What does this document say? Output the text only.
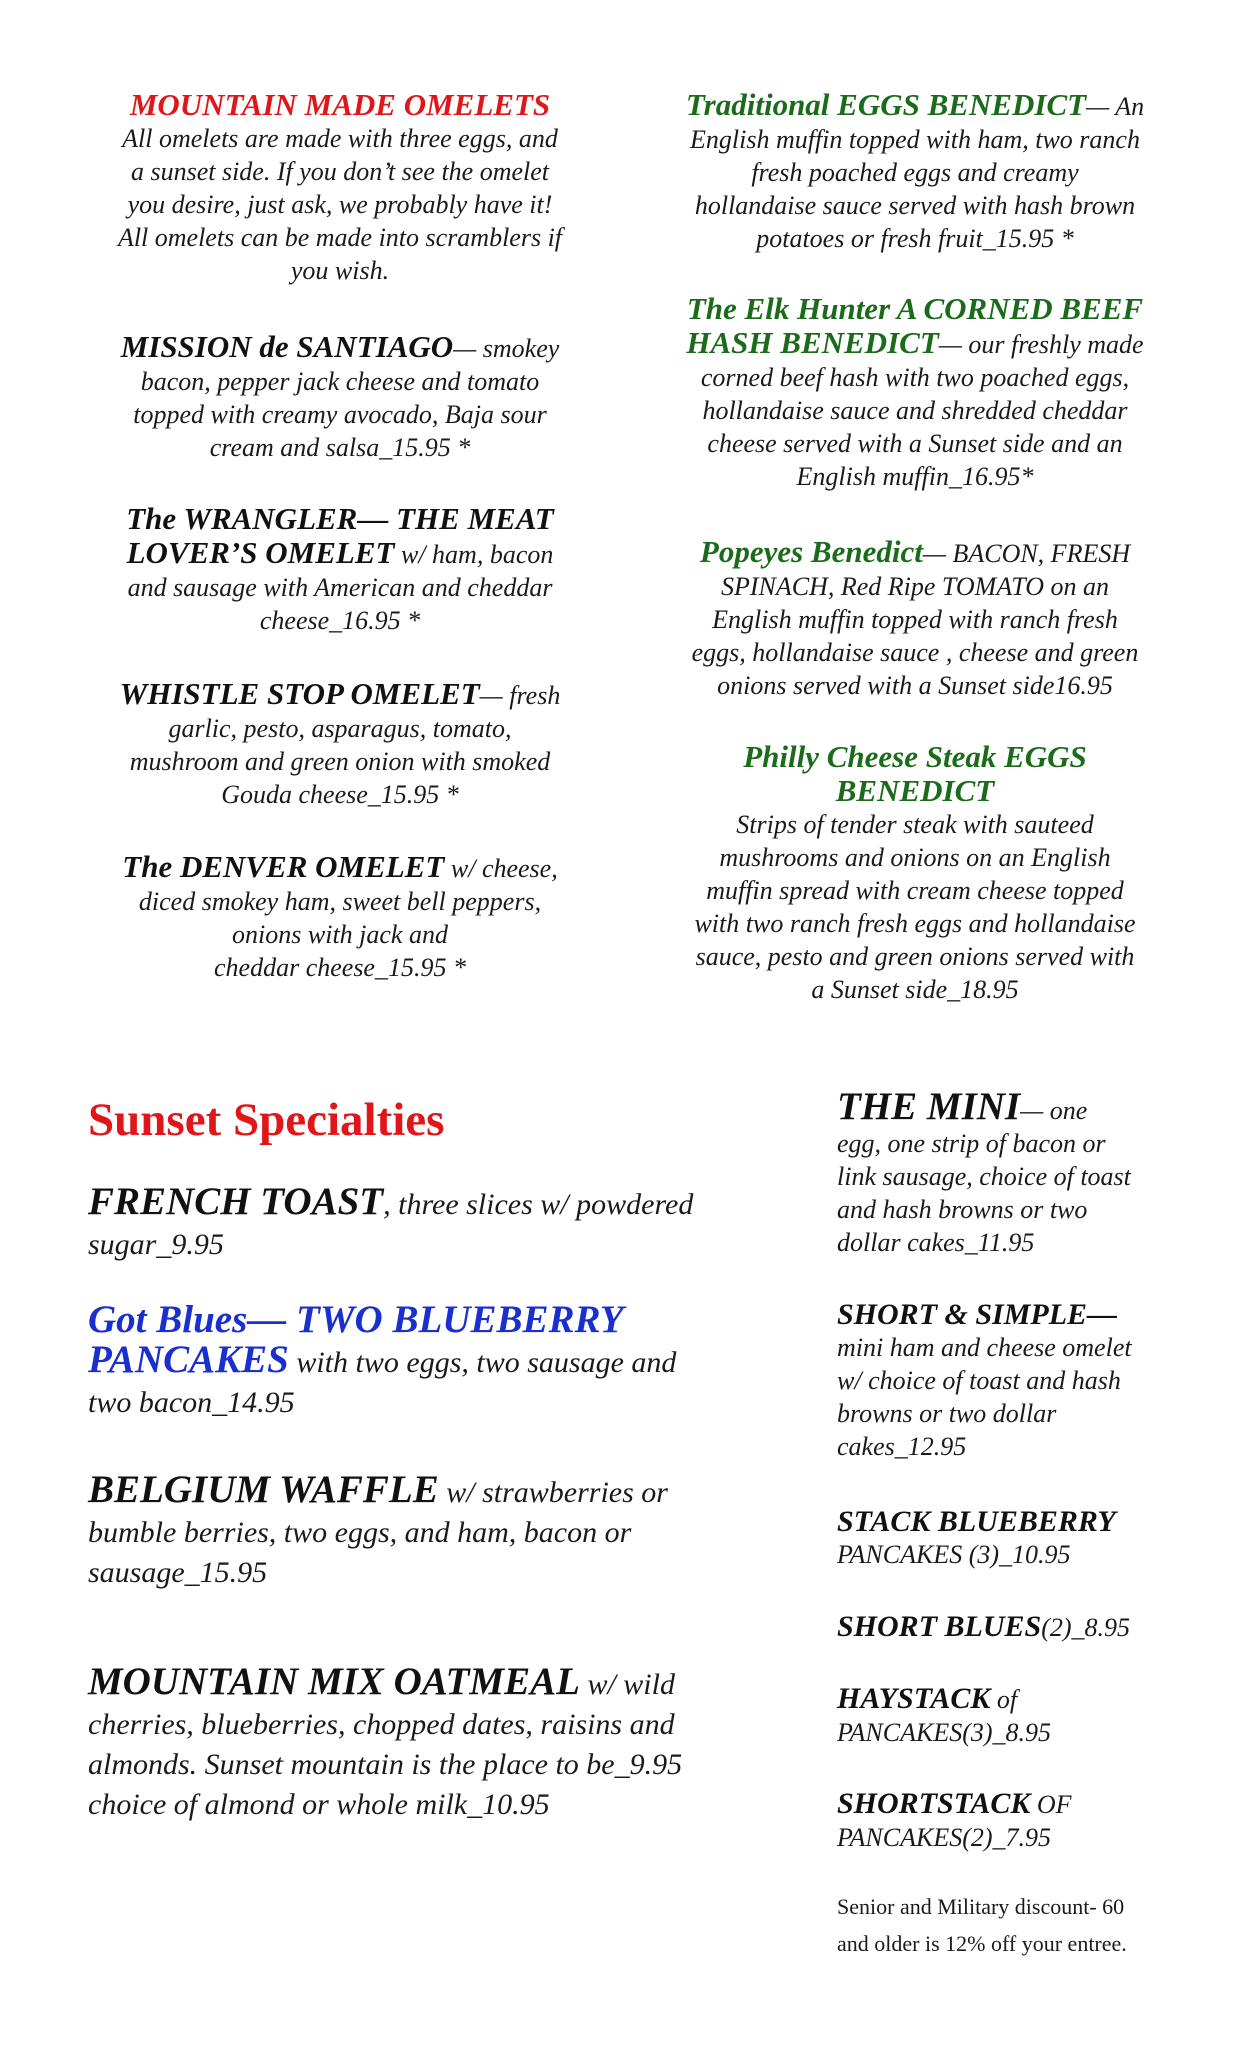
MOUNTAIN MADE OMELETS
All omelets are made with three eggs, and
a sunset side. If you don’t see the omelet
you desire, just ask, we probably have it!
All omelets can be made into scramblers if
you wish.
MISSION de SANTIAGO— smokey
bacon, pepper jack cheese and tomato
topped with creamy avocado, Baja sour
cream and salsa_15.95 *
The WRANGLER— THE MEAT
LOVER’S OMELET w/ ham, bacon
and sausage with American and cheddar
cheese_16.95 *
WHISTLE STOP OMELET— fresh
garlic, pesto, asparagus, tomato,
mushroom and green onion with smoked
Gouda cheese_15.95 *
The DENVER OMELET w/ cheese,
diced smokey ham, sweet bell peppers,
onions with jack and
cheddar cheese_15.95 *
Traditional EGGS BENEDICT— An
English muffin topped with ham, two ranch
fresh poached eggs and creamy
hollandaise sauce served with hash brown
potatoes or fresh fruit_15.95 *
The Elk Hunter A CORNED BEEF
HASH BENEDICT— our freshly made
corned beef hash with two poached eggs,
hollandaise sauce and shredded cheddar
cheese served with a Sunset side and an
English muffin_16.95*
Popeyes Benedict— BACON, FRESH
SPINACH, Red Ripe TOMATO on an
English muffin topped with ranch fresh
eggs, hollandaise sauce , cheese and green
onions served with a Sunset side16.95
Philly Cheese Steak EGGS
BENEDICT
Strips of tender steak with sauteed
mushrooms and onions on an English
muffin spread with cream cheese topped
with two ranch fresh eggs and hollandaise
sauce, pesto and green onions served with
a Sunset side_18.95
Sunset Specialties
FRENCH TOAST, three slices w/ powdered
sugar_9.95
Got Blues— TWO BLUEBERRY
PANCAKES with two eggs, two sausage and
two bacon_14.95
BELGIUM WAFFLE w/ strawberries or
bumble berries, two eggs, and ham, bacon or
sausage_15.95
MOUNTAIN MIX OATMEAL w/ wild
cherries, blueberries, chopped dates, raisins and
almonds. Sunset mountain is the place to be_9.95
choice of almond or whole milk_10.95
THE MINI— one
egg, one strip of bacon or
link sausage, choice of toast
and hash browns or two
dollar cakes_11.95
SHORT & SIMPLE—
mini ham and cheese omelet
w/ choice of toast and hash
browns or two dollar
cakes_12.95
STACK BLUEBERRY
PANCAKES (3)_10.95
SHORT BLUES(2)_8.95
HAYSTACK of
PANCAKES(3)_8.95
SHORTSTACK OF
PANCAKES(2)_7.95
Senior and Military discount- 60
and older is 12% off your entree.
